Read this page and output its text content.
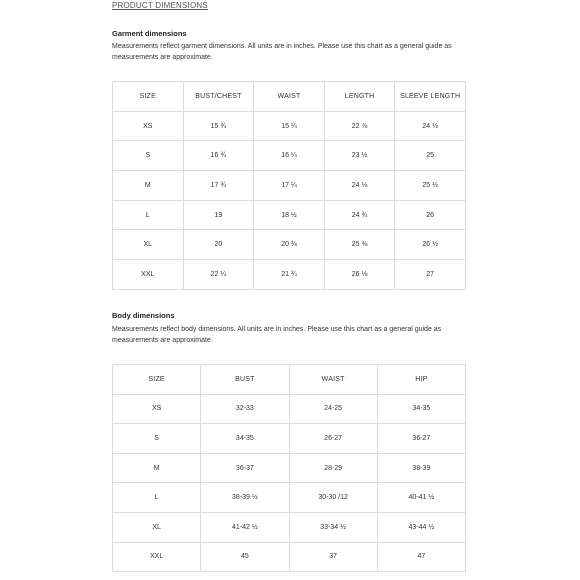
PRODUCT DIMENSIONS
Garment dimensions
Measurements reflect garment dimensions. All units are in inches. Please use this chart as a general guide as measurements are approximate.
SIZE	BUST/CHEST	WAIST	LENGTH	SLEEVE LENGTH
XS	15 ¾	15 ¼	22 ⅞	24 ½
S	16 ¾	16 ¼	23 ½	25
M	17 ¾	17 ¼	24 ⅛	25 ½
L	19	18 ½	24 ¾	26
XL	20	20 ⅜	25 ⅜	26 ½
XXL	22 ¼	21 ¾	26 ⅛	27
Body dimensions
Measurements reflect body dimensions. All units are in inches. Please use this chart as a general guide as measurements are approximate.
SIZE	BUST	WAIST	HIP
XS	32-33	24-25	34-35
S	34-35	26-27	36-27
M	36-37	28-29	38-39
L	38-39 ½	30-30 /12	40-41 ½
XL	41-42 ½	33-34 ½	43-44 ½
XXL	45	37	47
